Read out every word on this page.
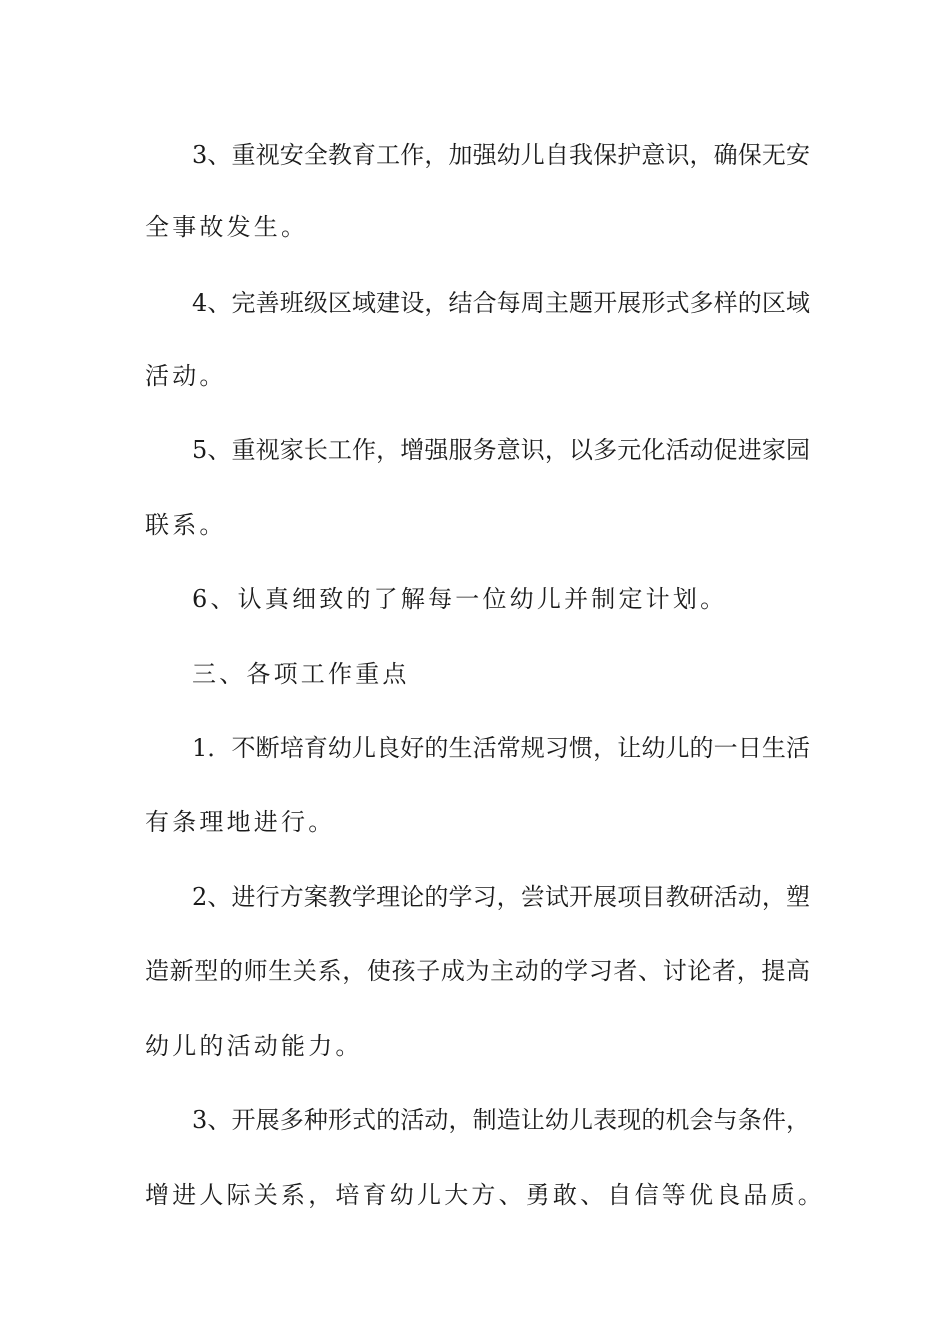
3、重视安全教育工作，加强幼儿自我保护意识，确保无安
全事故发生。
4、完善班级区域建设，结合每周主题开展形式多样的区域
活动。
5、重视家长工作，增强服务意识，以多元化活动促进家园
联系。
6、认真细致的了解每一位幼儿并制定计划。
三、各项工作重点
1．不断培育幼儿良好的生活常规习惯，让幼儿的一日生活
有条理地进行。
2、进行方案教学理论的学习，尝试开展项目教研活动，塑
造新型的师生关系，使孩子成为主动的学习者、讨论者，提高
幼儿的活动能力。
3、开展多种形式的活动，制造让幼儿表现的机会与条件，
增进人际关系，培育幼儿大方、勇敢、自信等优良品质。
